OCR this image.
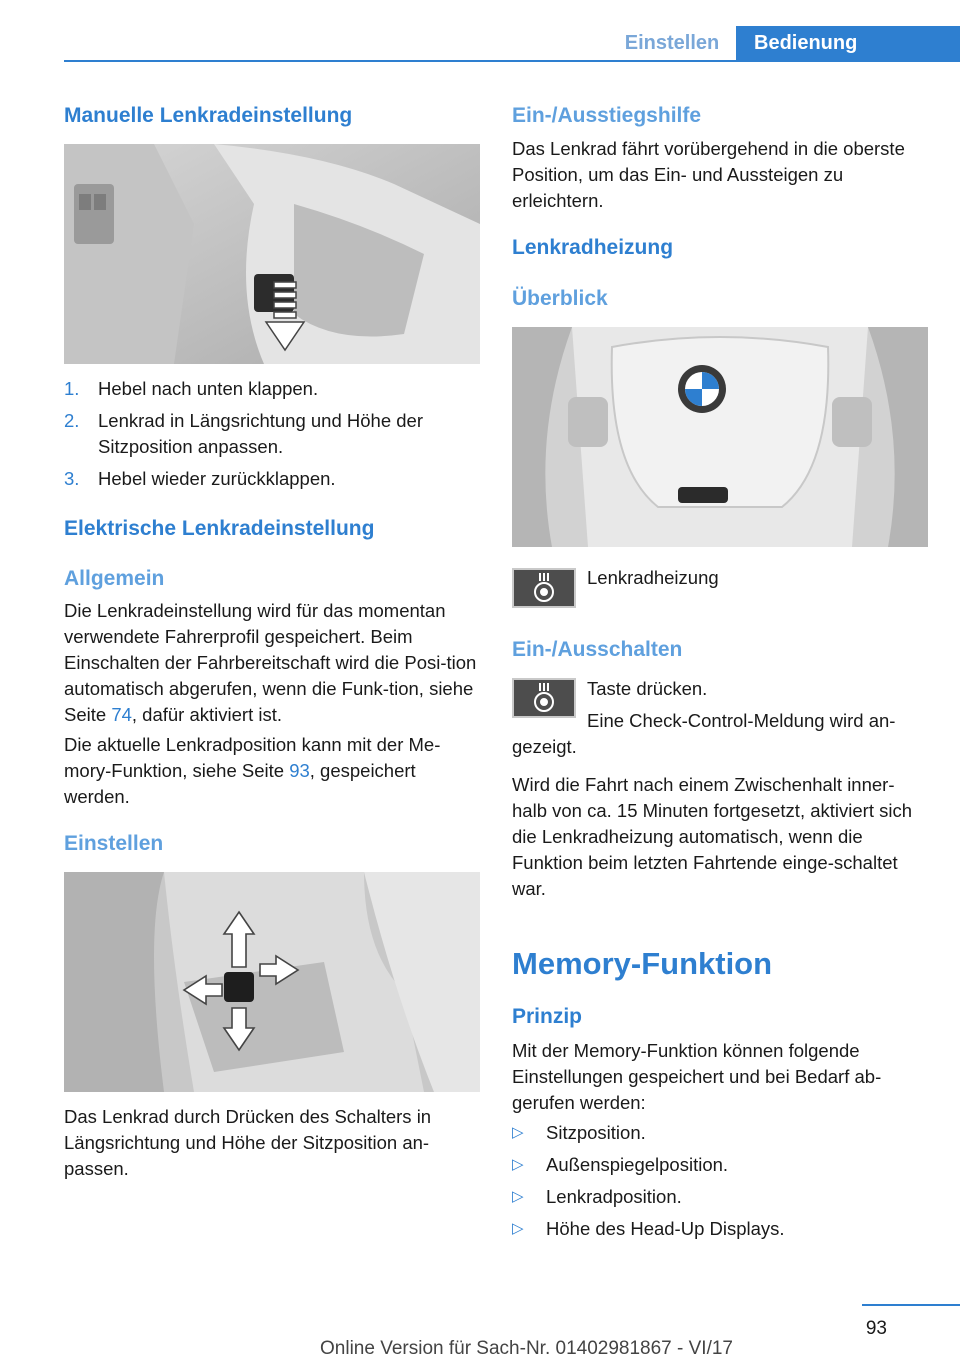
Einstellen	Bedienung
Manuelle Lenkradeinstellung
1. Hebel nach unten klappen.
2. Lenkrad in Längsrichtung und Höhe der Sitzposition anpassen.
3. Hebel wieder zurückklappen.
Elektrische Lenkradeinstellung
Allgemein

Die Lenkradeinstellung wird für das momentan verwendete Fahrerprofil gespeichert. Beim Einschalten der Fahrbereitschaft wird die Posi‐tion automatisch abgerufen, wenn die Funk‐tion, siehe Seite 74, dafür aktiviert ist.

Die aktuelle Lenkradposition kann mit der Me‐mory-Funktion, siehe Seite 93, gespeichert werden.

Einstellen

Das Lenkrad durch Drücken des Schalters in Längsrichtung und Höhe der Sitzposition an‐passen.

Ein-/Ausstiegshilfe

Das Lenkrad fährt vorübergehend in die oberste Position, um das Ein- und Aussteigen zu erleichtern.

Lenkradheizung
Überblick

Lenkradheizung

Ein-/Ausschalten

Taste drücken.

Eine Check-Control-Meldung wird an‐gezeigt.

Wird die Fahrt nach einem Zwischenhalt inner‐halb von ca. 15 Minuten fortgesetzt, aktiviert sich die Lenkradheizung automatisch, wenn die Funktion beim letzten Fahrtende einge‐schaltet war.

Memory-Funktion
Prinzip

Mit der Memory-Funktion können folgende Einstellungen gespeichert und bei Bedarf ab‐gerufen werden:

▷ Sitzposition.
▷ Außenspiegelposition.
▷ Lenkradposition.
▷ Höhe des Head-Up Displays.
93
Online Version für Sach-Nr. 01402981867 - VI/17
